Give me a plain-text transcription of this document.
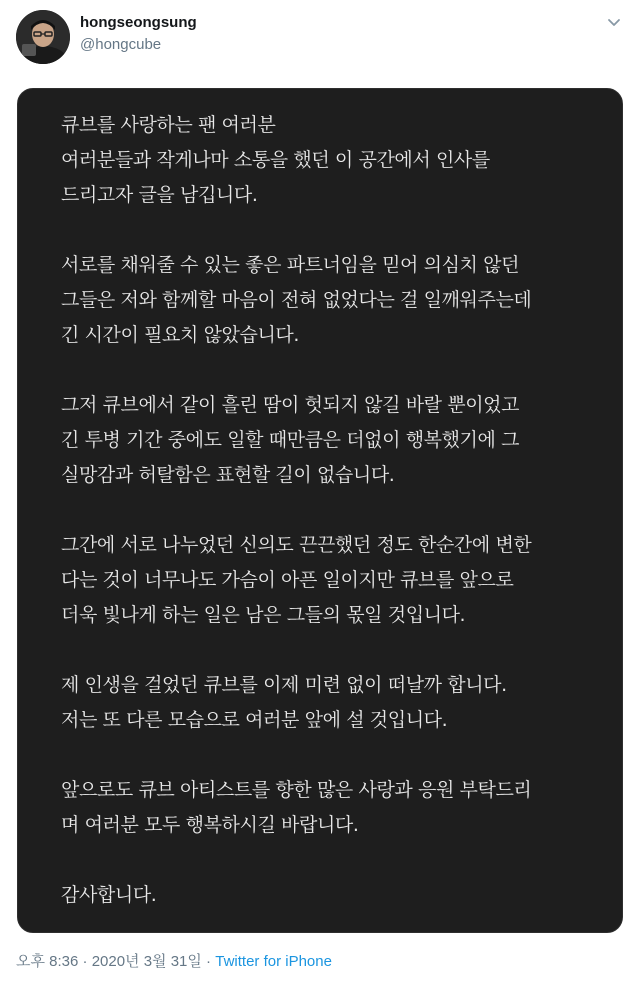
hongseongsung
@hongcube

큐브를 사랑하는 팬 여러분
여러분들과 작게나마 소통을 했던 이 공간에서 인사를
드리고자 글을 남깁니다.

서로를 채워줄 수 있는 좋은 파트너임을 믿어 의심치 않던
그들은 저와 함께할 마음이 전혀 없었다는 걸 일깨워주는데
긴 시간이 필요치 않았습니다.

그저 큐브에서 같이 흘린 땀이 헛되지 않길 바랄 뿐이었고
긴 투병 기간 중에도 일할 때만큼은 더없이 행복했기에 그
실망감과 허탈함은 표현할 길이 없습니다.

그간에 서로 나누었던 신의도 끈끈했던 정도 한순간에 변한
다는 것이 너무나도 가슴이 아픈 일이지만 큐브를 앞으로
더욱 빛나게 하는 일은 남은 그들의 몫일 것입니다.

제 인생을 걸었던 큐브를 이제 미련 없이 떠날까 합니다.
저는 또 다른 모습으로 여러분 앞에 설 것입니다.

앞으로도 큐브 아티스트를 향한 많은 사랑과 응원 부탁드리
며 여러분 모두 행복하시길 바랍니다.

감사합니다.

오후 8:36 · 2020년 3월 31일 · Twitter for iPhone
